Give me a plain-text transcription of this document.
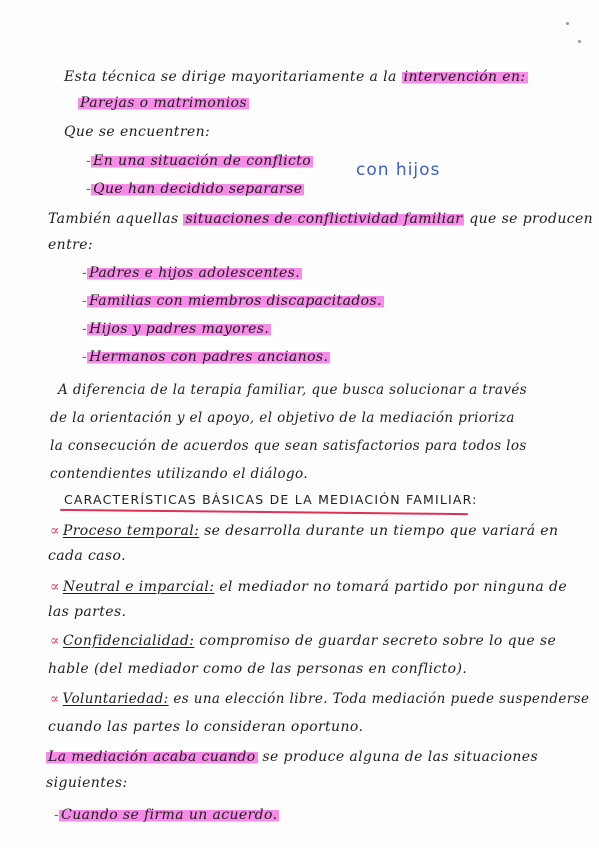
Esta técnica se dirige mayoritariamente a la intervención en:
Parejas o matrimonios
Que se encuentren:
- En una situación de conflicto	con hijos
- Que han decidido separarse
También aquellas situaciones de conflictividad familiar que se producen
entre:
- Padres e hijos adolescentes.
- Familias con miembros discapacitados.
- Hijos y padres mayores.
- Hermanos con padres ancianos.
A diferencia de la terapia familiar, que busca solucionar a través
de la orientación y el apoyo, el objetivo de la mediación prioriza
la consecución de acuerdos que sean satisfactorios para todos los
contendientes utilizando el diálogo.
CARACTERÍSTICAS BÁSICAS DE LA MEDIACIÓN FAMILIAR:
∝ Proceso temporal: se desarrolla durante un tiempo que variará en
cada caso.
∝ Neutral e imparcial: el mediador no tomará partido por ninguna de
las partes.
∝ Confidencialidad: compromiso de guardar secreto sobre lo que se
hable (del mediador como de las personas en conflicto).
∝ Voluntariedad: es una elección libre. Toda mediación puede suspenderse
cuando las partes lo consideran oportuno.
La mediación acaba cuando se produce alguna de las situaciones
siguientes:
- Cuando se firma un acuerdo.
